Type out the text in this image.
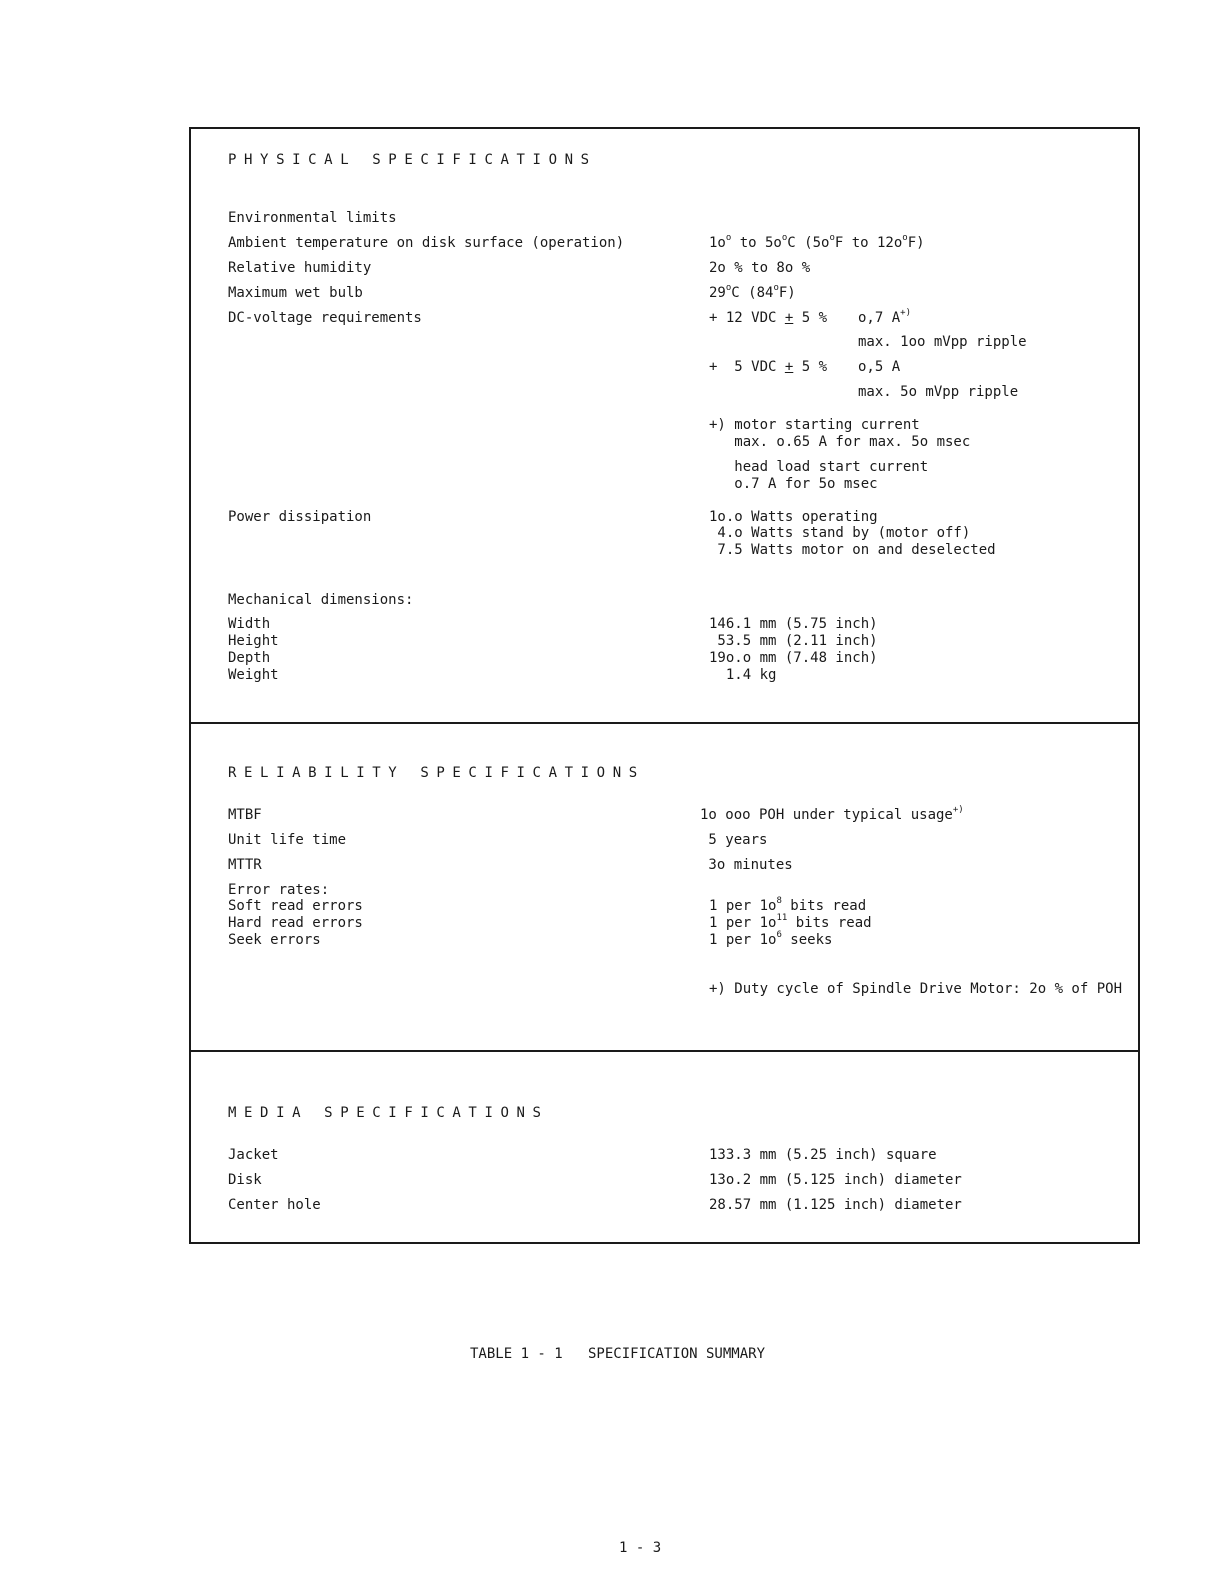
PHYSICAL SPECIFICATIONS
Environmental limits
Ambient temperature on disk surface (operation)	$1o^o$ to $5o^oC$ ($5o^oF$ to $12o^oF$)
Relative humidity	2o % to 8o %
Maximum wet bulb	29$^o$C (84$^o$F)
DC-voltage requirements	+ 12 VDC + 5 % o,7 A+)
max. 1oo mVpp ripple
+  5 VDC + 5 % o,5 A
max. 5o mVpp ripple
+) motor starting current
max. o.65 A for max. 5o msec
head load start current
o.7 A for 5o msec
Power dissipation	1o.o Watts operating
4.o Watts stand by (motor off)
7.5 Watts motor on and deselected
Mechanical dimensions:
Width	146.1 mm (5.75 inch)
Height	53.5 mm (2.11 inch)
Depth	19o.o mm (7.48 inch)
Weight	1.4 kg
RELIABILITY SPECIFICATIONS
MTBF	1o ooo POH under typical usage+)
Unit life time	5 years
MTTR	3o minutes
Error rates:
Soft read errors	1 per $1o^8$ bits read
Hard read errors	1 per $1o^{11}$ bits read
Seek errors	1 per $1o^6$ seeks
+) Duty cycle of Spindle Drive Motor: 2o % of POH
MEDIA SPECIFICATIONS
Jacket	133.3 mm (5.25 inch) square
Disk	13o.2 mm (5.125 inch) diameter
Center hole	28.57 mm (1.125 inch) diameter
TABLE 1 - 1   SPECIFICATION SUMMARY
1 - 3
